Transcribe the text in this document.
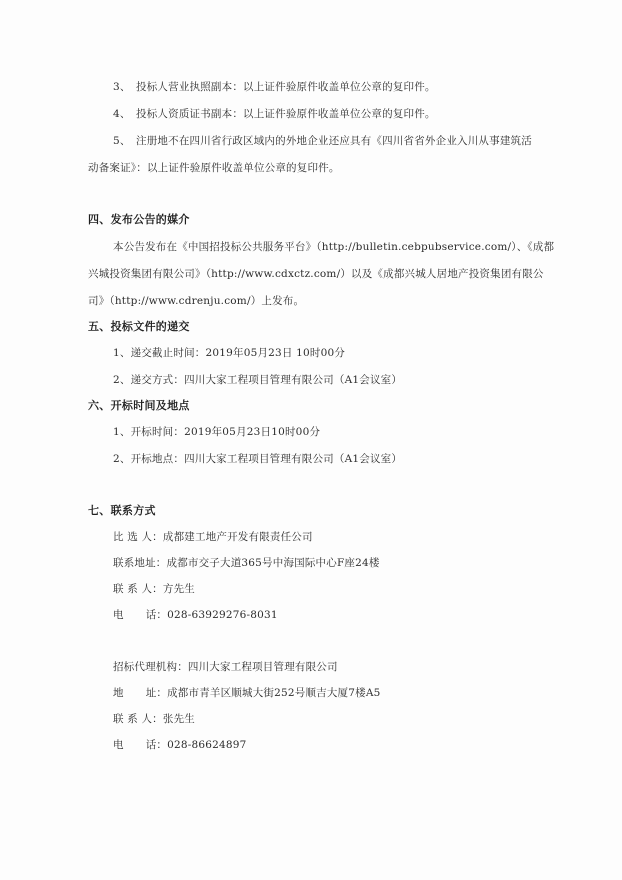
3、　投标人营业执照副本：以上证件验原件收盖单位公章的复印件。
4、　投标人资质证书副本：以上证件验原件收盖单位公章的复印件。
5、　注册地不在四川省行政区域内的外地企业还应具有《四川省省外企业入川从事建筑活
动备案证》：以上证件验原件收盖单位公章的复印件。
四、发布公告的媒介
本公告发布在《中国招投标公共服务平台》（http://bulletin.cebpubservice.com/）、《成都
兴城投资集团有限公司》（http://www.cdxctz.com/）以及《成都兴城人居地产投资集团有限公
司》（http://www.cdrenju.com/）上发布。
五、投标文件的递交
1、递交截止时间：2019年05月23日 10时00分
2、递交方式：四川大家工程项目管理有限公司（A1会议室）
六、开标时间及地点
1、开标时间：2019年05月23日10时00分
2、开标地点：四川大家工程项目管理有限公司（A1会议室）
七、联系方式
比 选 人：成都建工地产开发有限责任公司
联系地址：成都市交子大道365号中海国际中心F座24楼
联 系 人：方先生
电 话：028-63929276-8031
招标代理机构：四川大家工程项目管理有限公司
地 址：成都市青羊区顺城大街252号顺吉大厦7楼A5
联 系 人：张先生
电 话：028-86624897
